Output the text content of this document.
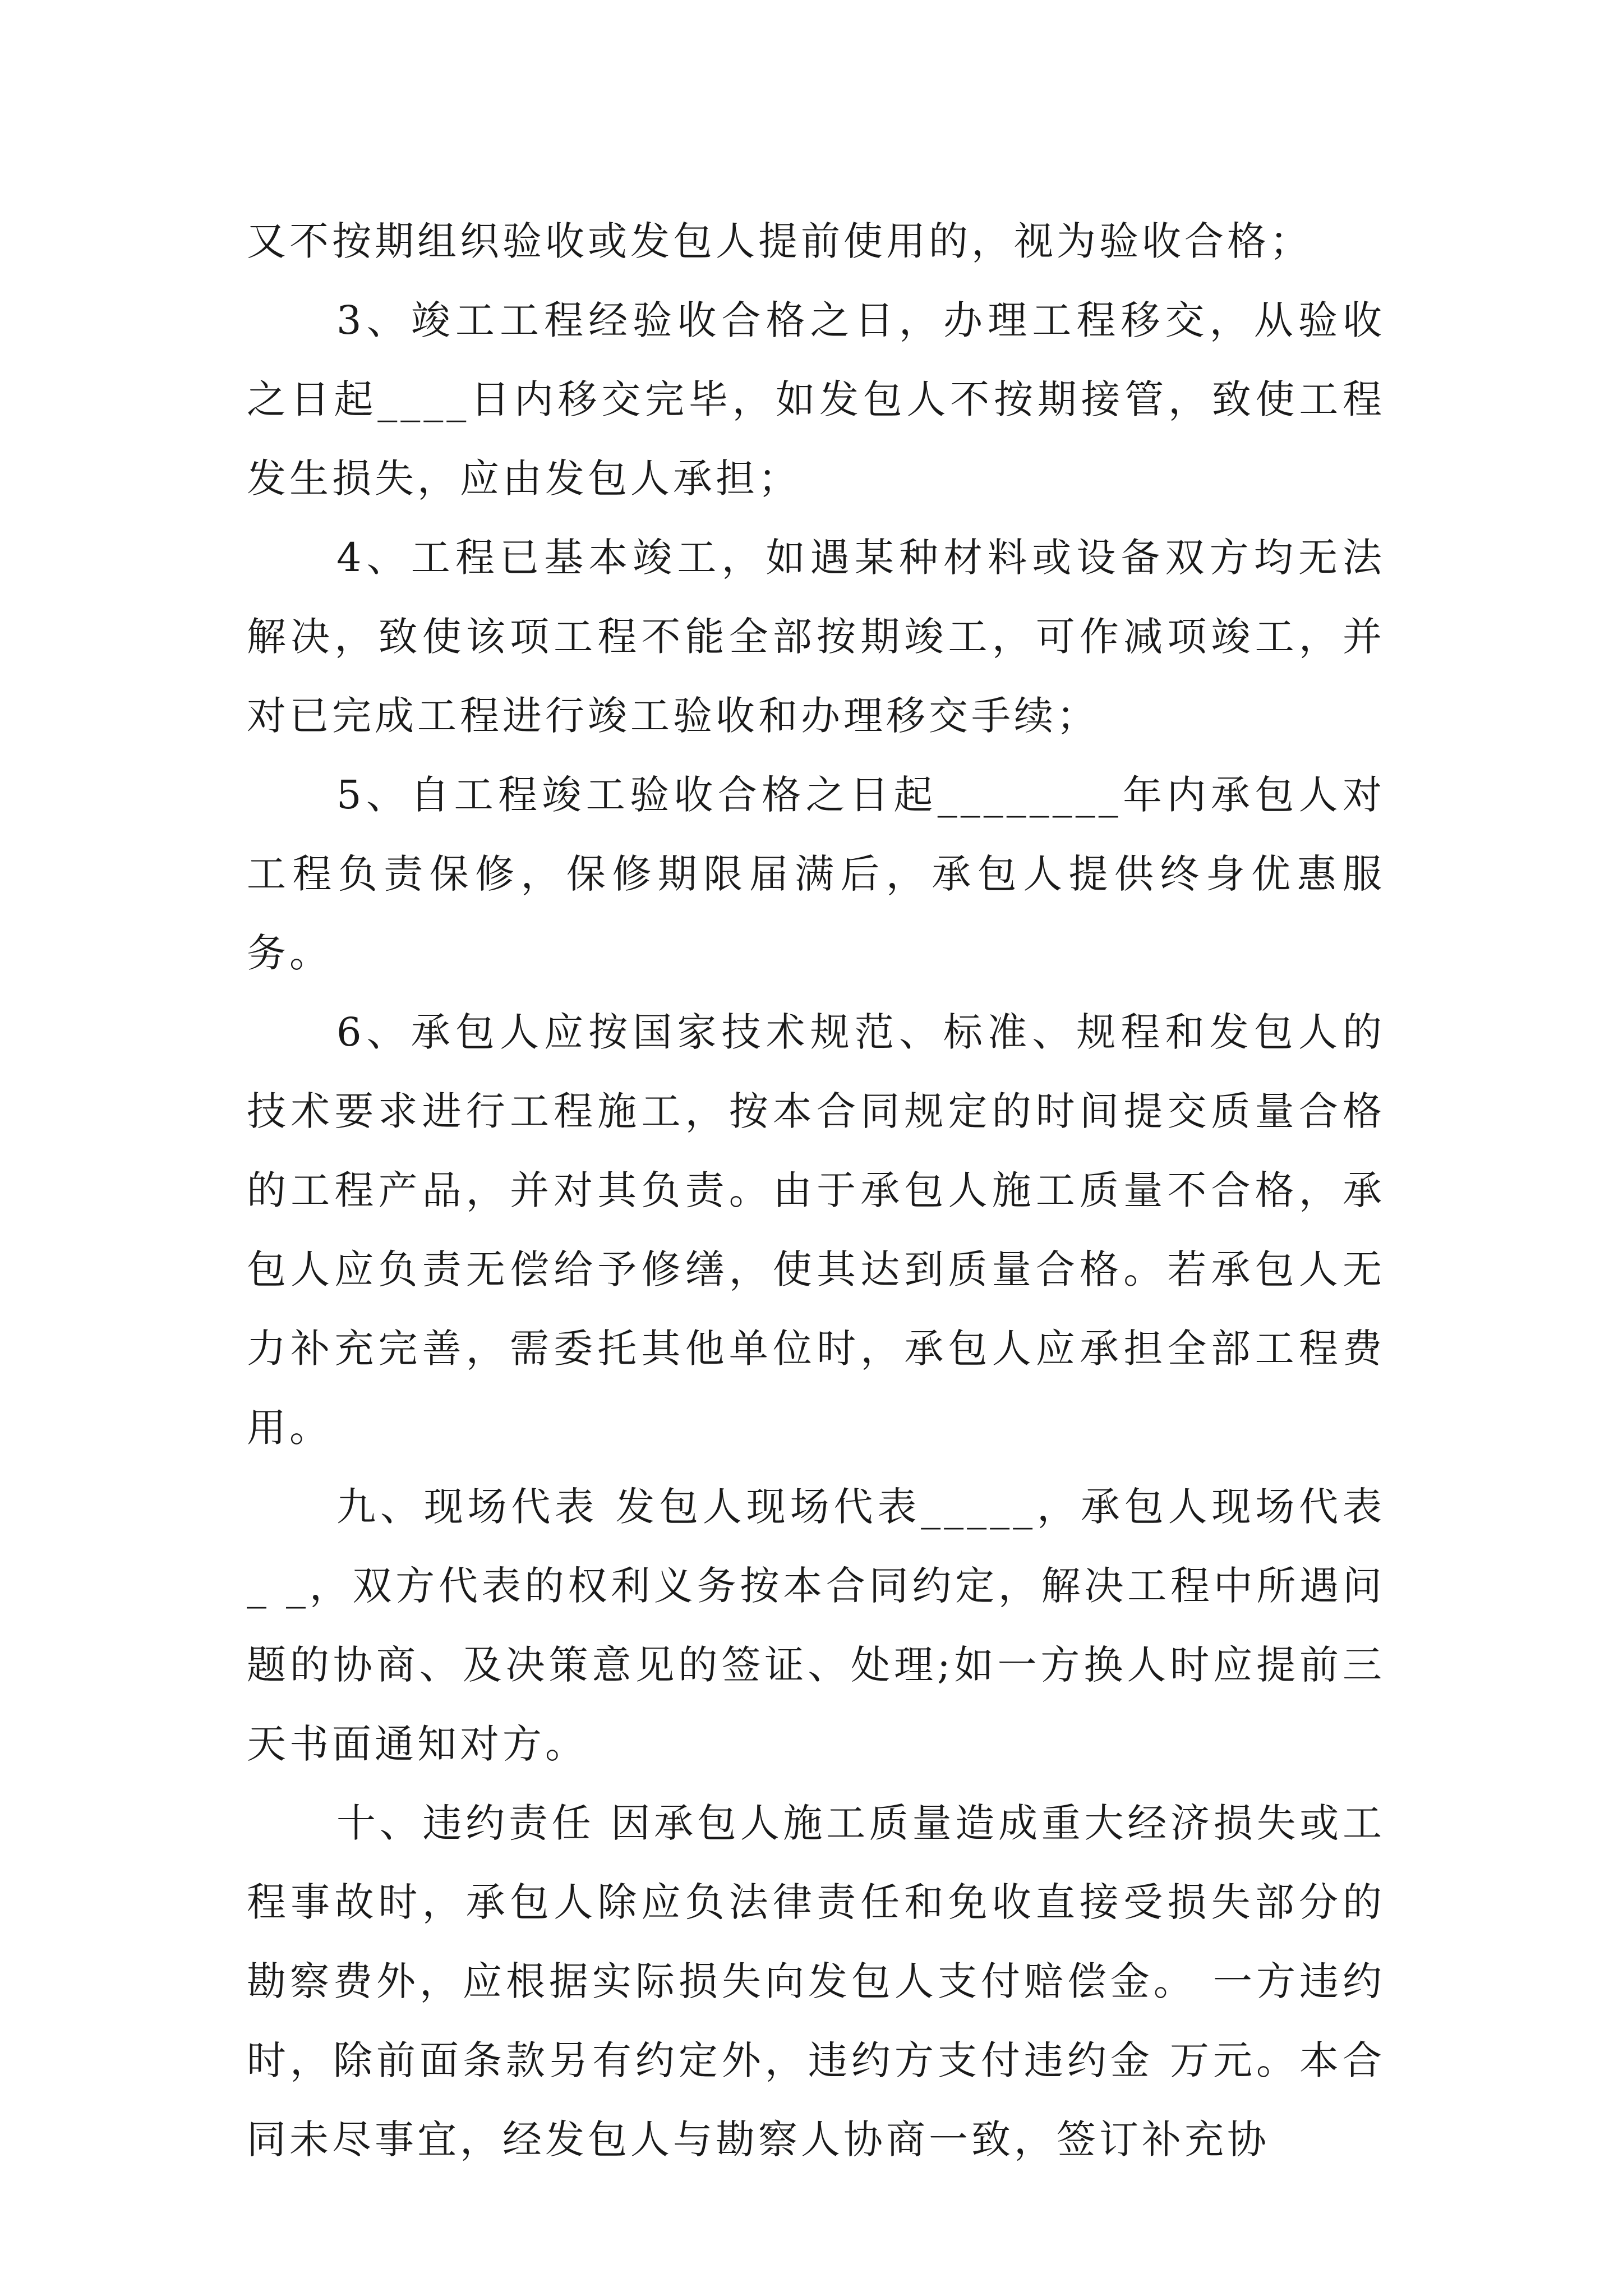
又不按期组织验收或发包人提前使用的，视为验收合格；

3、竣工工程经验收合格之日，办理工程移交，从验收之日起____日内移交完毕，如发包人不按期接管，致使工程发生损失，应由发包人承担；

4、工程已基本竣工，如遇某种材料或设备双方均无法解决，致使该项工程不能全部按期竣工，可作减项竣工，并对已完成工程进行竣工验收和办理移交手续；

5、自工程竣工验收合格之日起________年内承包人对工程负责保修，保修期限届满后，承包人提供终身优惠服务。

6、承包人应按国家技术规范、标准、规程和发包人的技术要求进行工程施工，按本合同规定的时间提交质量合格的工程产品，并对其负责。由于承包人施工质量不合格，承包人应负责无偿给予修缮，使其达到质量合格。若承包人无力补充完善，需委托其他单位时，承包人应承担全部工程费用。

九、现场代表 发包人现场代表_____，承包人现场代表_ _，双方代表的权利义务按本合同约定，解决工程中所遇问题的协商、及决策意见的签证、处理;如一方换人时应提前三天书面通知对方。

十、违约责任 因承包人施工质量造成重大经济损失或工程事故时，承包人除应负法律责任和免收直接受损失部分的勘察费外，应根据实际损失向发包人支付赔偿金。 一方违约时，除前面条款另有约定外，违约方支付违约金 万元。本合同未尽事宜，经发包人与勘察人协商一致，签订补充协
